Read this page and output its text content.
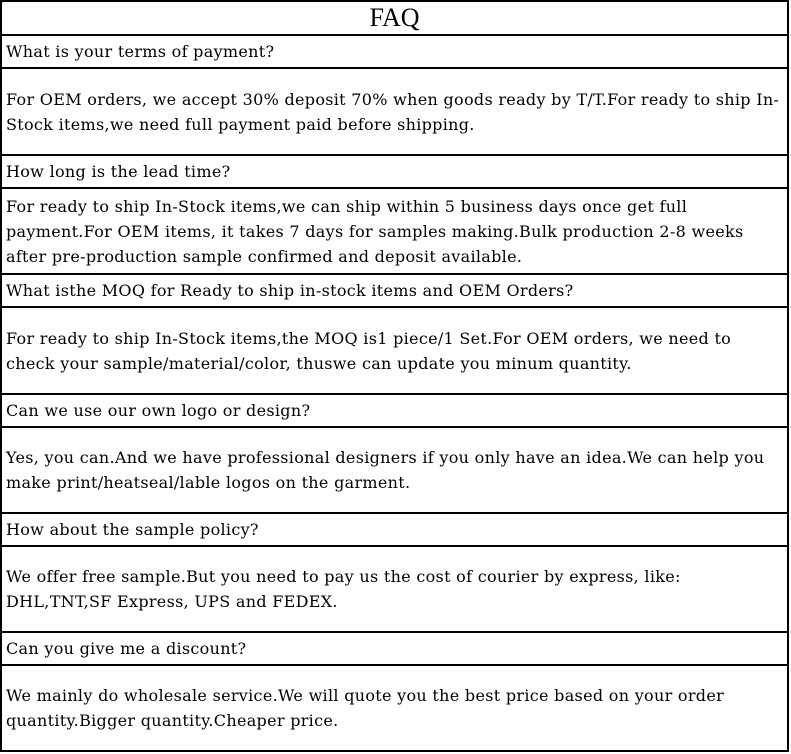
FAQ
What is your terms of payment?
For OEM orders, we accept 30% deposit 70% when goods ready by T/T.For ready to ship In-Stock items,we need full payment paid before shipping.
How long is the lead time?
For ready to ship In-Stock items,we can ship within 5 business days once get full payment.For OEM items, it takes 7 days for samples making.Bulk production 2-8 weeks after pre-production sample confirmed and deposit available.
What isthe MOQ for Ready to ship in-stock items and OEM Orders?
For ready to ship In-Stock items,the MOQ is1 piece/1 Set.For OEM orders, we need to check your sample/material/color, thuswe can update you minum quantity.
Can we use our own logo or design?
Yes, you can.And we have professional designers if you only have an idea.We can help you make print/heatseal/lable logos on the garment.
How about the sample policy?
We offer free sample.But you need to pay us the cost of courier by express, like: DHL,TNT,SF Express, UPS and FEDEX.
Can you give me a discount?
We mainly do wholesale service.We will quote you the best price based on your order quantity.Bigger quantity.Cheaper price.
